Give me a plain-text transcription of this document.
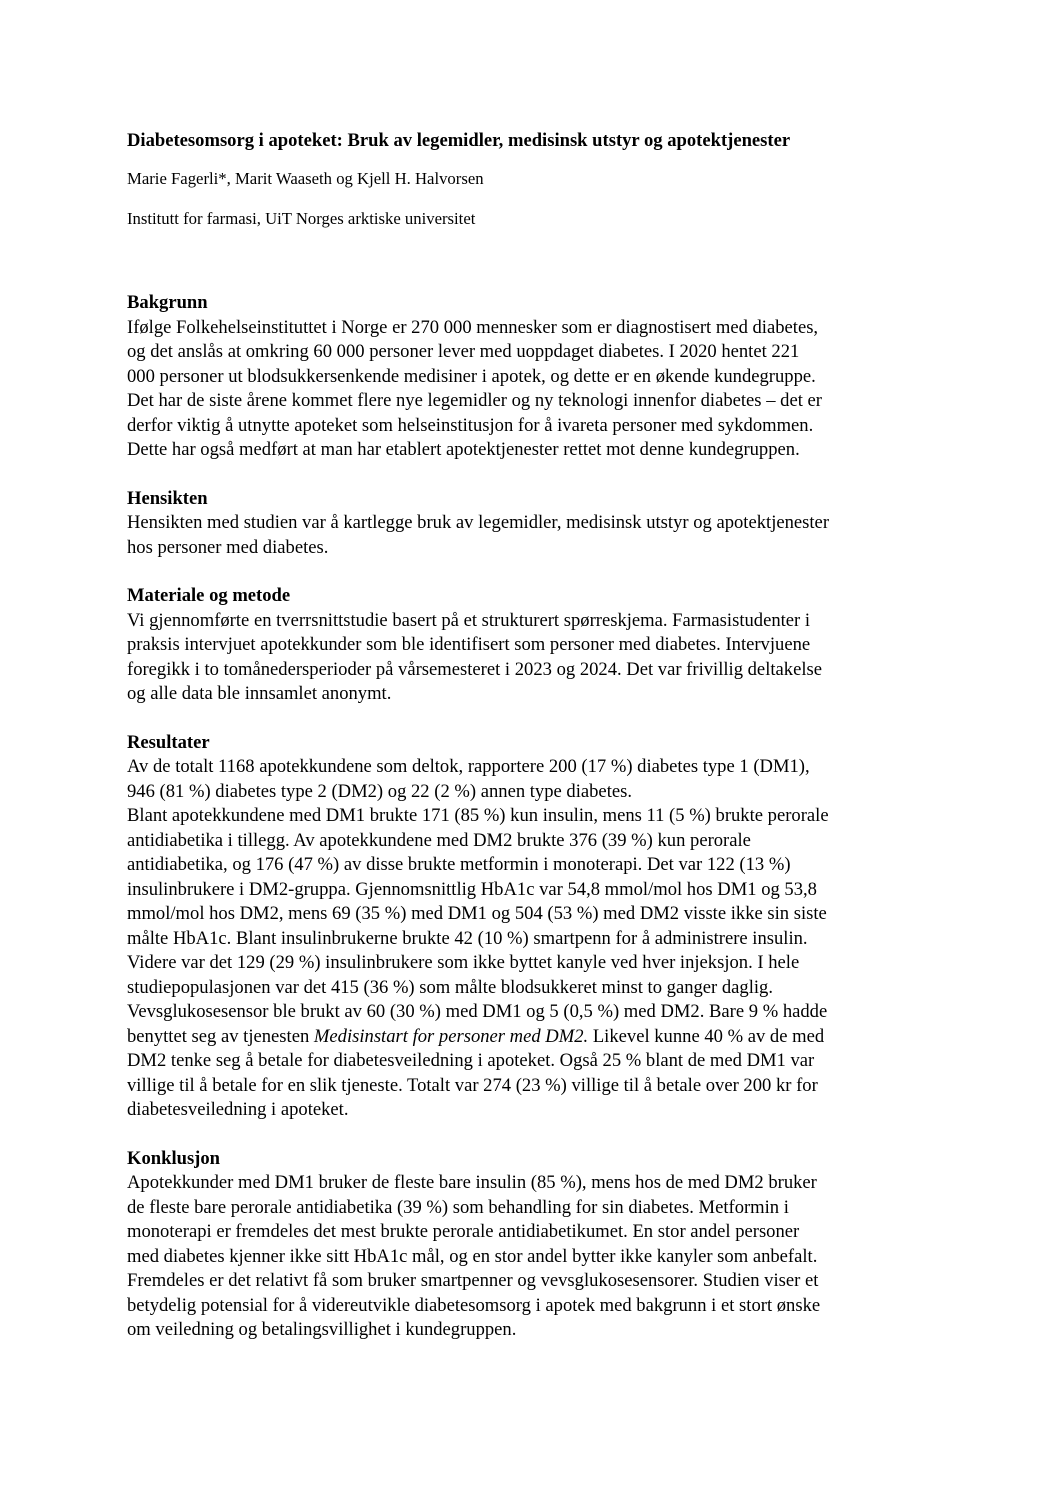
Diabetesomsorg i apoteket: Bruk av legemidler, medisinsk utstyr og apotektjenester

Marie Fagerli*, Marit Waaseth og Kjell H. Halvorsen

Institutt for farmasi, UiT Norges arktiske universitet

Bakgrunn

Ifølge Folkehelseinstituttet i Norge er 270 000 mennesker som er diagnostisert med diabetes,
og det anslås at omkring 60 000 personer lever med uoppdaget diabetes. I 2020 hentet 221
000 personer ut blodsukkersenkende medisiner i apotek, og dette er en økende kundegruppe.
Det har de siste årene kommet flere nye legemidler og ny teknologi innenfor diabetes – det er
derfor viktig å utnytte apoteket som helseinstitusjon for å ivareta personer med sykdommen.
Dette har også medført at man har etablert apotektjenester rettet mot denne kundegruppen.

Hensikten

Hensikten med studien var å kartlegge bruk av legemidler, medisinsk utstyr og apotektjenester
hos personer med diabetes.

Materiale og metode

Vi gjennomførte en tverrsnittstudie basert på et strukturert spørreskjema. Farmasistudenter i
praksis intervjuet apotekkunder som ble identifisert som personer med diabetes. Intervjuene
foregikk i to tomånedersperioder på vårsemesteret i 2023 og 2024. Det var frivillig deltakelse
og alle data ble innsamlet anonymt.

Resultater

Av de totalt 1168 apotekkundene som deltok, rapportere 200 (17 %) diabetes type 1 (DM1),
946 (81 %) diabetes type 2 (DM2) og 22 (2 %) annen type diabetes.
Blant apotekkundene med DM1 brukte 171 (85 %) kun insulin, mens 11 (5 %) brukte perorale
antidiabetika i tillegg. Av apotekkundene med DM2 brukte 376 (39 %) kun perorale
antidiabetika, og 176 (47 %) av disse brukte metformin i monoterapi. Det var 122 (13 %)
insulinbrukere i DM2-gruppa. Gjennomsnittlig HbA1c var 54,8 mmol/mol hos DM1 og 53,8
mmol/mol hos DM2, mens 69 (35 %) med DM1 og 504 (53 %) med DM2 visste ikke sin siste
målte HbA1c. Blant insulinbrukerne brukte 42 (10 %) smartpenn for å administrere insulin.
Videre var det 129 (29 %) insulinbrukere som ikke byttet kanyle ved hver injeksjon. I hele
studiepopulasjonen var det 415 (36 %) som målte blodsukkeret minst to ganger daglig.
Vevsglukosesensor ble brukt av 60 (30 %) med DM1 og 5 (0,5 %) med DM2. Bare 9 % hadde
benyttet seg av tjenesten Medisinstart for personer med DM2. Likevel kunne 40 % av de med
DM2 tenke seg å betale for diabetesveiledning i apoteket. Også 25 % blant de med DM1 var
villige til å betale for en slik tjeneste. Totalt var 274 (23 %) villige til å betale over 200 kr for
diabetesveiledning i apoteket.

Konklusjon

Apotekkunder med DM1 bruker de fleste bare insulin (85 %), mens hos de med DM2 bruker
de fleste bare perorale antidiabetika (39 %) som behandling for sin diabetes. Metformin i
monoterapi er fremdeles det mest brukte perorale antidiabetikumet. En stor andel personer
med diabetes kjenner ikke sitt HbA1c mål, og en stor andel bytter ikke kanyler som anbefalt.
Fremdeles er det relativt få som bruker smartpenner og vevsglukosesensorer. Studien viser et
betydelig potensial for å videreutvikle diabetesomsorg i apotek med bakgrunn i et stort ønske
om veiledning og betalingsvillighet i kundegruppen.
